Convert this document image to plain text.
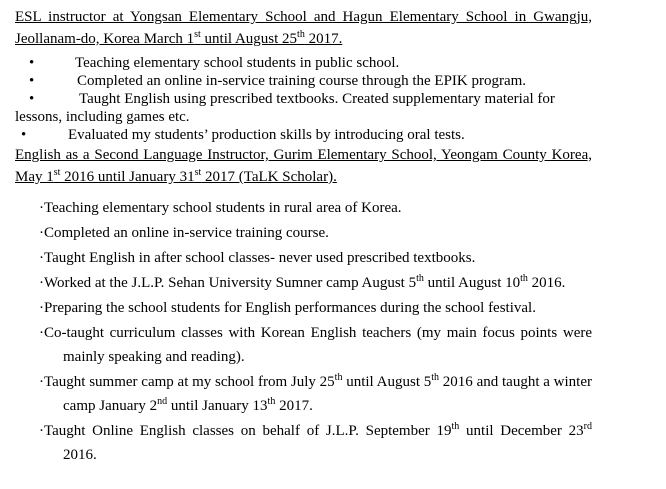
ESL instructor at Yongsan Elementary School and Hagun Elementary School in Gwangju, Jeollanam-do, Korea March 1st until August 25th 2017.

•	Teaching elementary school students in public school.
•	Completed an online in-service training course through the EPIK program.
•	Taught English using prescribed textbooks. Created supplementary material for lessons, including games etc.
•	Evaluated my students’ production skills by introducing oral tests.

English as a Second Language Instructor, Gurim Elementary School, Yeongam County Korea, May 1st 2016 until January 31st 2017 (TaLK Scholar).

·Teaching elementary school students in rural area of Korea.
·Completed an online in-service training course.
·Taught English in after school classes- never used prescribed textbooks.
·Worked at the J.L.P. Sehan University Sumner camp August 5th until August 10th 2016.
·Preparing the school students for English performances during the school festival.
·Co-taught curriculum classes with Korean English teachers (my main focus points were mainly speaking and reading).
·Taught summer camp at my school from July 25th until August 5th 2016 and taught a winter camp January 2nd until January 13th 2017.
·Taught Online English classes on behalf of J.L.P. September 19th until December 23rd 2016.
